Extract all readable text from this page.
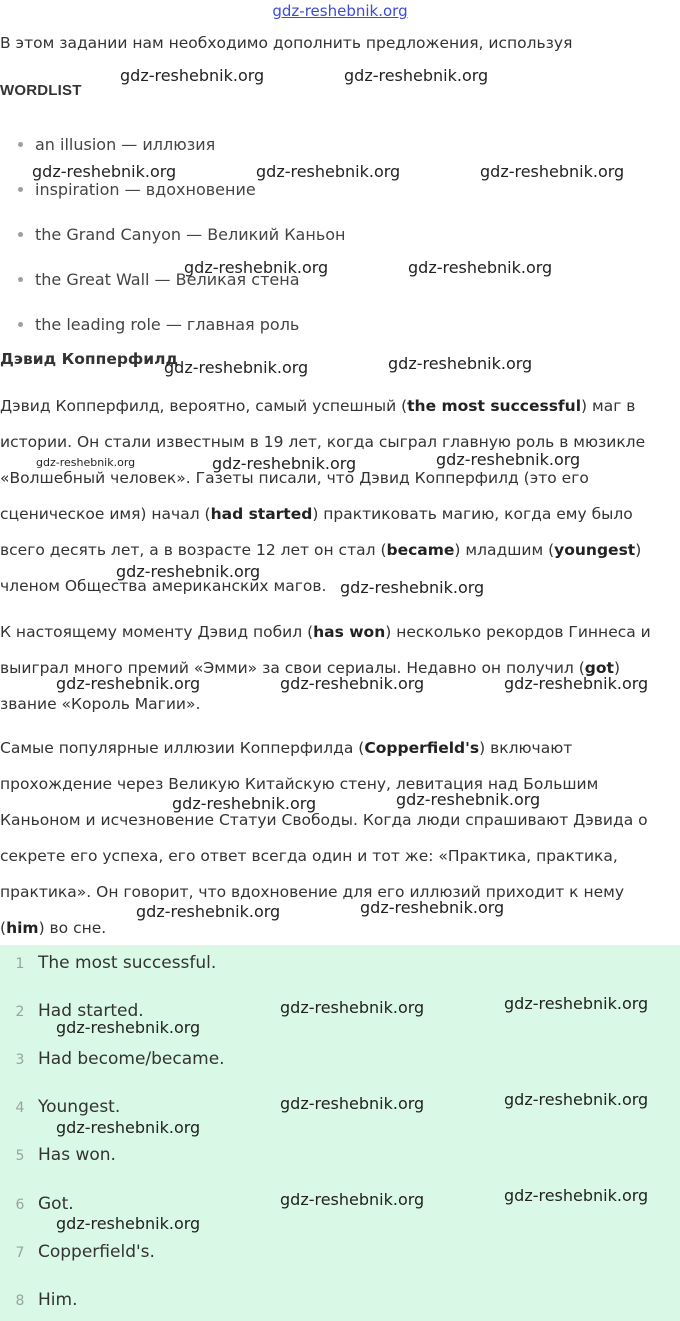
gdz-reshebnik.org
В этом задании нам необходимо дополнить предложения, используя
WORDLIST
an illusion — иллюзия
inspiration — вдохновение
the Grand Canyon — Великий Каньон
the Great Wall — Великая стена
the leading role — главная роль
Дэвид Копперфилд
Дэвид Копперфилд, вероятно, самый успешный (the most successful) маг в
истории. Он стали известным в 19 лет, когда сыграл главную роль в мюзикле
«Волшебный человек». Газеты писали, что Дэвид Копперфилд (это его
сценическое имя) начал (had started) практиковать магию, когда ему было
всего десять лет, а в возрасте 12 лет он стал (became) младшим (youngest)
членом Общества американских магов.
К настоящему моменту Дэвид побил (has won) несколько рекордов Гиннеса и
выиграл много премий «Эмми» за свои сериалы. Недавно он получил (got)
звание «Король Магии».
Самые популярные иллюзии Копперфилда (Copperfield's) включают
прохождение через Великую Китайскую стену, левитация над Большим
Каньоном и исчезновение Статуи Свободы. Когда люди спрашивают Дэвида о
секрете его успеха, его ответ всегда один и тот же: «Практика, практика,
практика». Он говорит, что вдохновение для его иллюзий приходит к нему
(him) во сне.
1 The most successful.
2 Had started.
3 Had become/became.
4 Youngest.
5 Has won.
6 Got.
7 Copperfield's.
8 Him.
gdz-reshebnik.org	gdz-reshebnik.org
gdz-reshebnik.org	gdz-reshebnik.org	gdz-reshebnik.org
gdz-reshebnik.org	gdz-reshebnik.org
gdz-reshebnik.org	gdz-reshebnik.org
gdz-reshebnik.org	gdz-reshebnik.org	gdz-reshebnik.org
gdz-reshebnik.org
gdz-reshebnik.org
gdz-reshebnik.org	gdz-reshebnik.org	gdz-reshebnik.org
gdz-reshebnik.org	gdz-reshebnik.org
gdz-reshebnik.org	gdz-reshebnik.org
gdz-reshebnik.org	gdz-reshebnik.org
gdz-reshebnik.org
gdz-reshebnik.org	gdz-reshebnik.org
gdz-reshebnik.org
gdz-reshebnik.org	gdz-reshebnik.org
gdz-reshebnik.org
